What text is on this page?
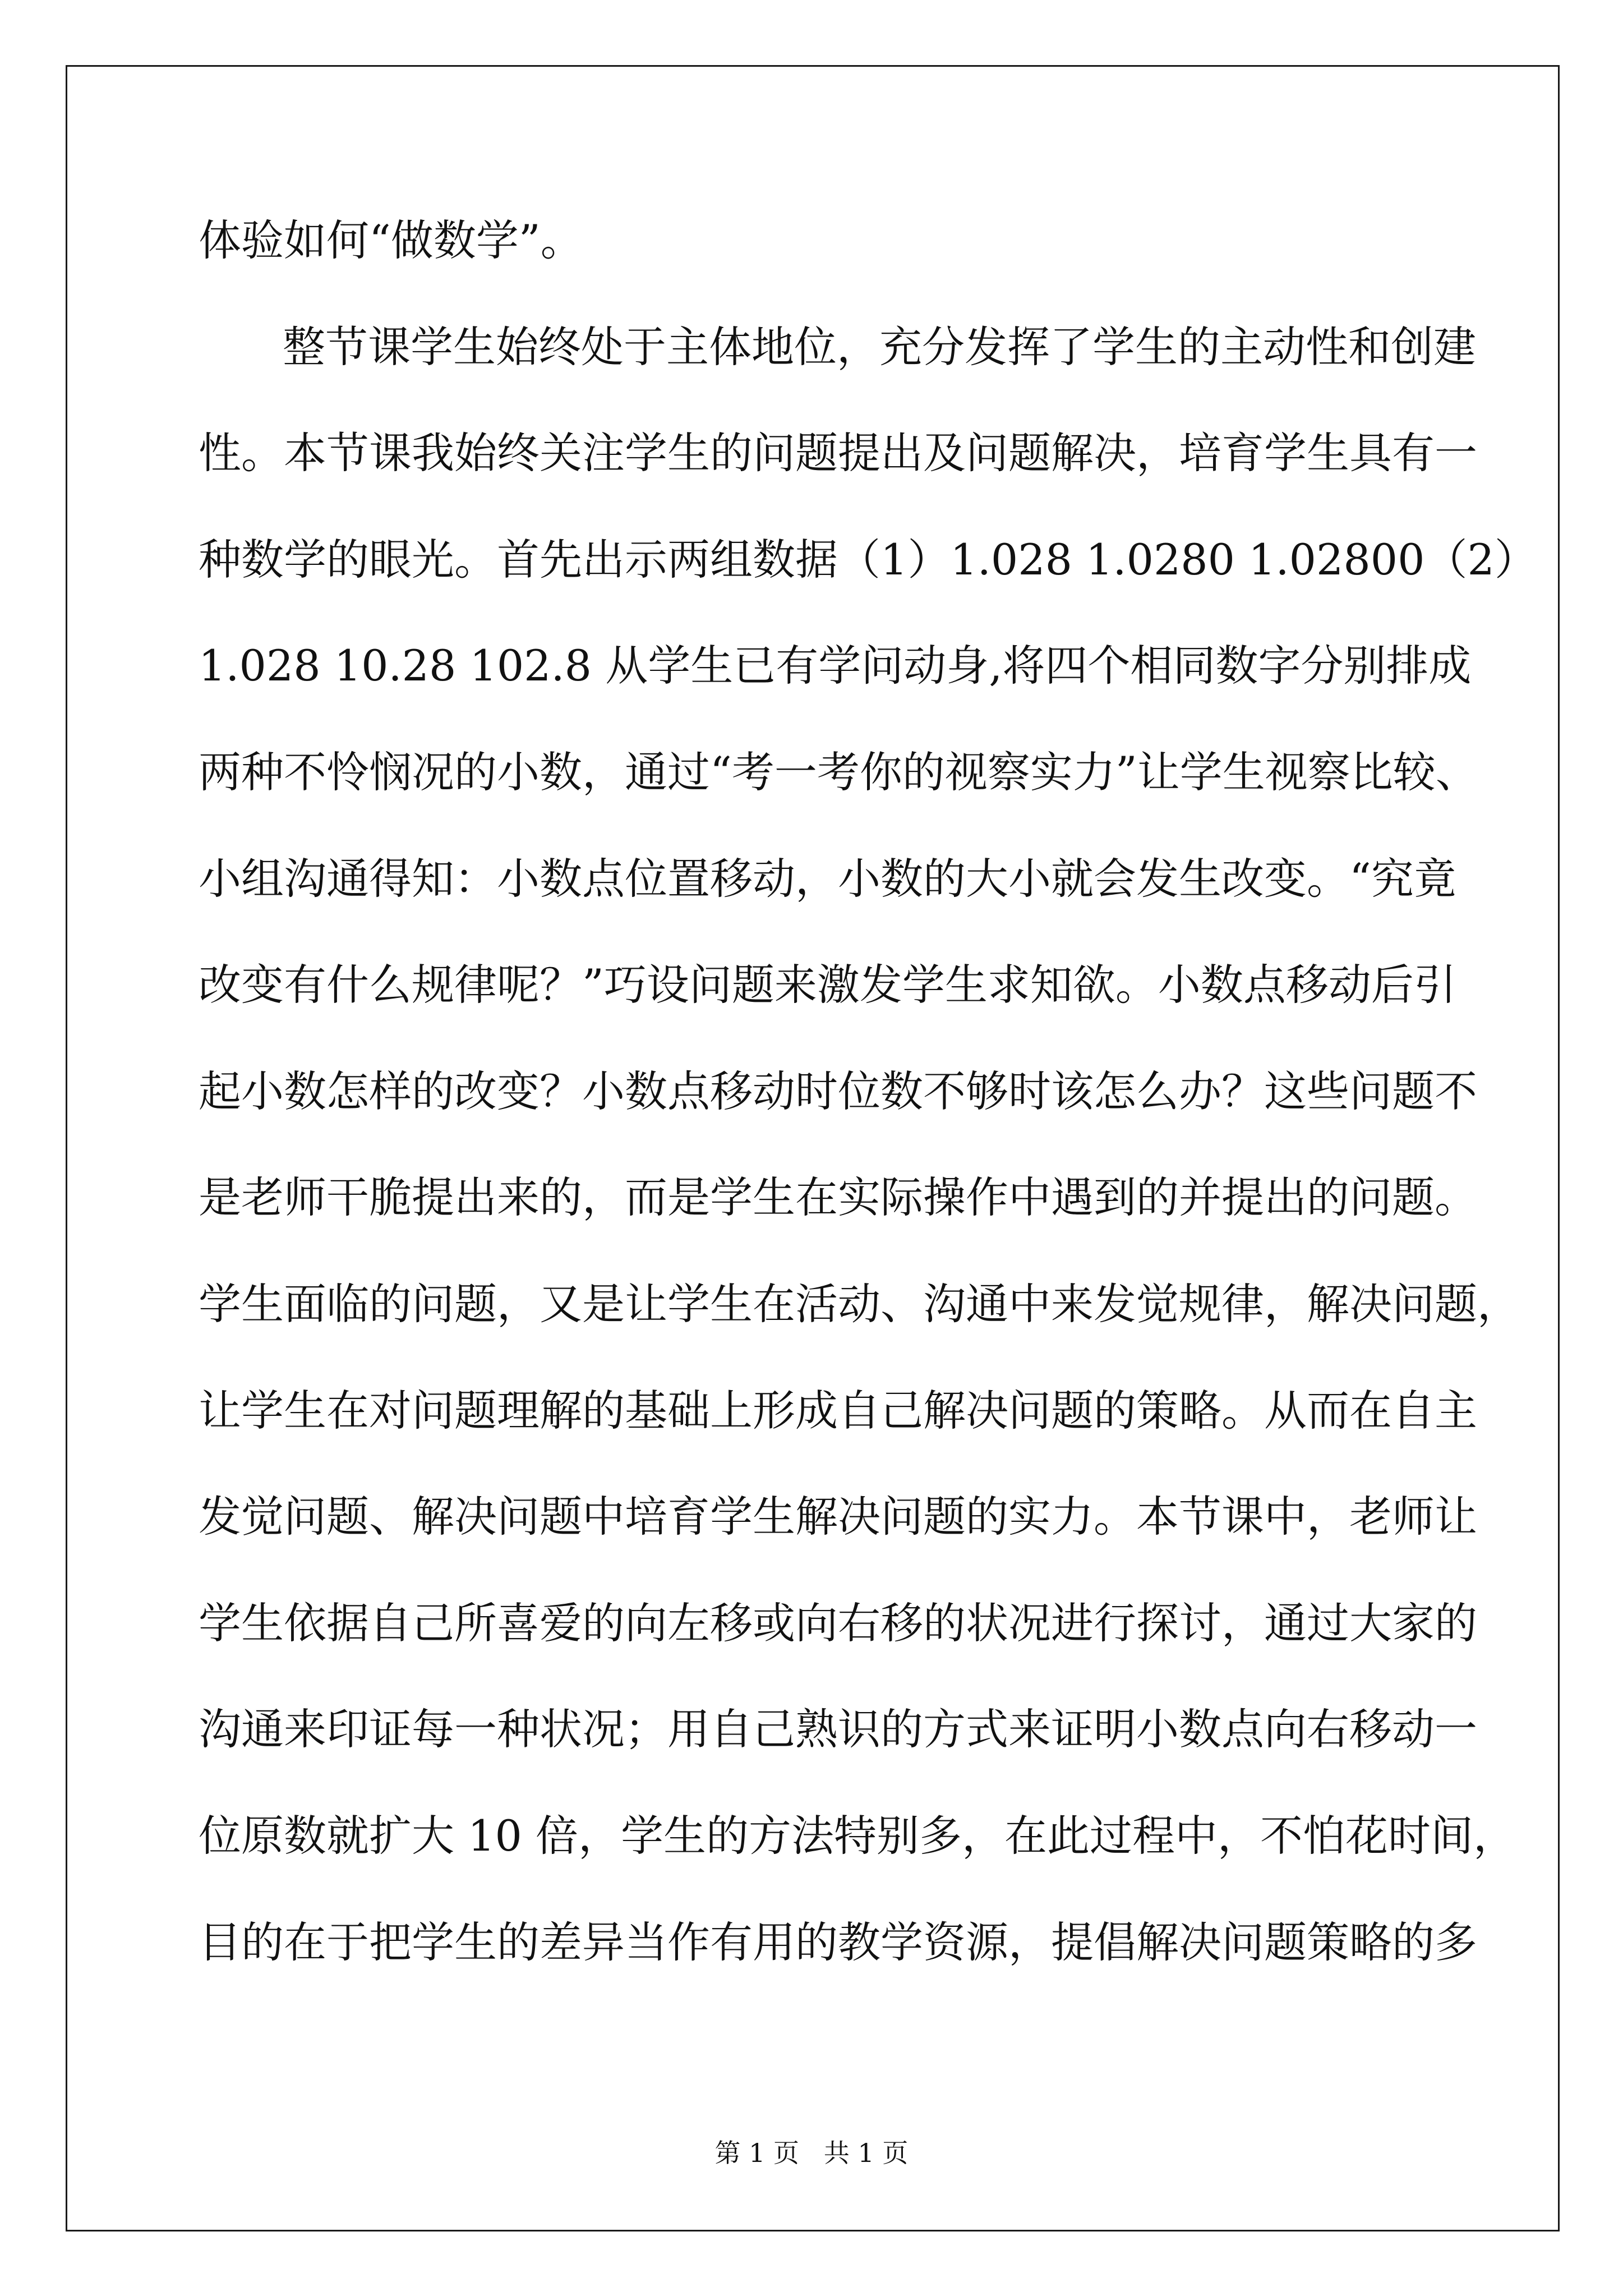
体验如何“做数学”。

整节课学生始终处于主体地位，充分发挥了学生的主动性和创建

性。本节课我始终关注学生的问题提出及问题解决，培育学生具有一

种数学的眼光。首先出示两组数据（1）1.028 1.0280 1.02800（2）

1.028 10.28 102.8 从学生已有学问动身,将四个相同数字分别排成

两种不怜悯况的小数，通过“考一考你的视察实力”让学生视察比较、

小组沟通得知：小数点位置移动，小数的大小就会发生改变。“究竟

改变有什么规律呢？”巧设问题来激发学生求知欲。小数点移动后引

起小数怎样的改变？小数点移动时位数不够时该怎么办？这些问题不

是老师干脆提出来的，而是学生在实际操作中遇到的并提出的问题。

学生面临的问题，又是让学生在活动、沟通中来发觉规律，解决问题，

让学生在对问题理解的基础上形成自己解决问题的策略。从而在自主

发觉问题、解决问题中培育学生解决问题的实力。本节课中，老师让

学生依据自己所喜爱的向左移或向右移的状况进行探讨，通过大家的

沟通来印证每一种状况；用自己熟识的方式来证明小数点向右移动一

位原数就扩大 10 倍，学生的方法特别多，在此过程中，不怕花时间，

目的在于把学生的差异当作有用的教学资源，提倡解决问题策略的多

第 1 页   共 1 页
